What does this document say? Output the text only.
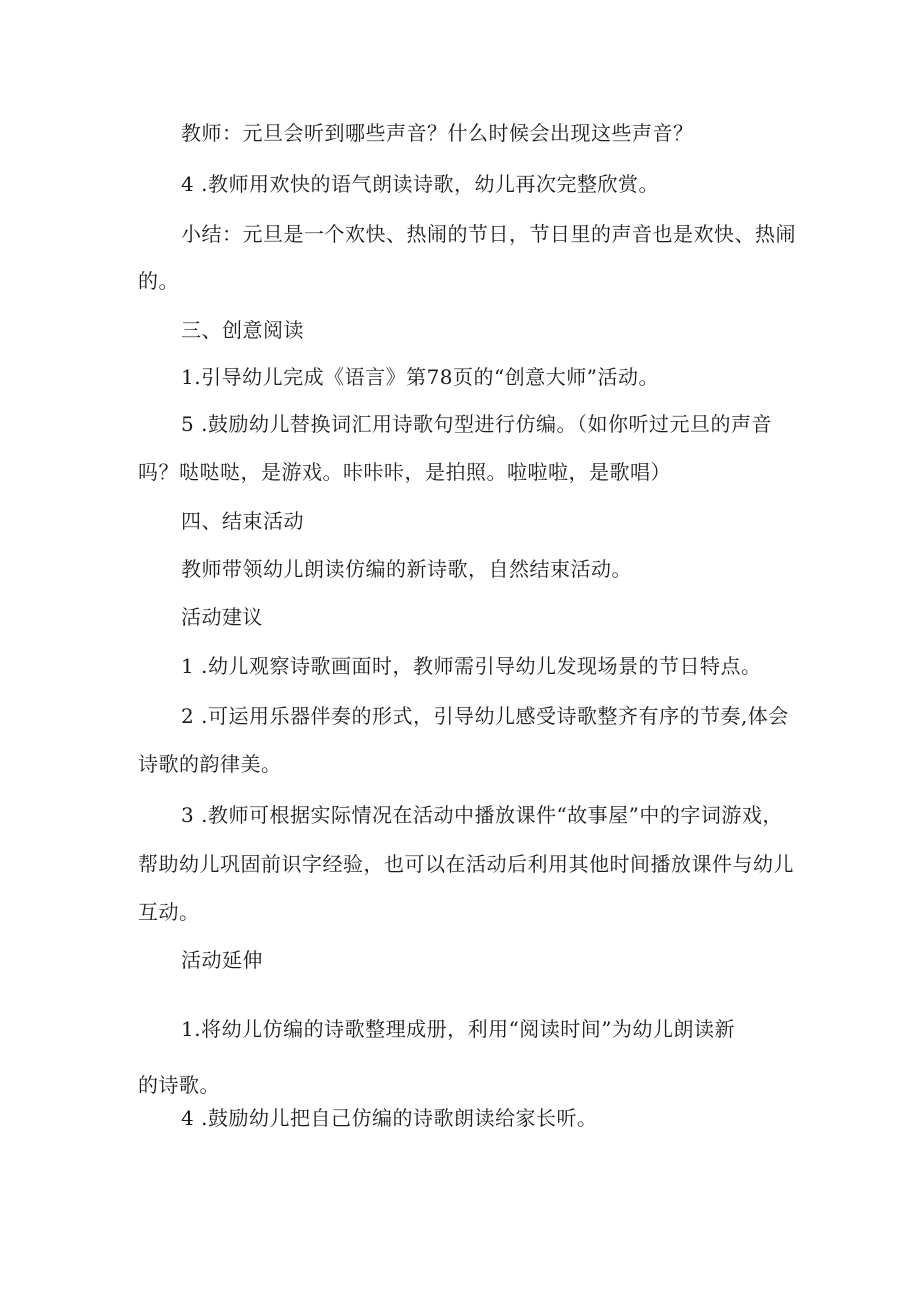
教师：元旦会听到哪些声音？什么时候会出现这些声音？
4 .教师用欢快的语气朗读诗歌，幼儿再次完整欣赏。
小结：元旦是一个欢快、热闹的节日，节日里的声音也是欢快、热闹
的。
三、创意阅读
1.引导幼儿完成《语言》第78页的“创意大师”活动。
5 .鼓励幼儿替换词汇用诗歌句型进行仿编。（如你听过元旦的声音
吗？哒哒哒，是游戏。咔咔咔，是拍照。啦啦啦，是歌唱）
四、结束活动
教师带领幼儿朗读仿编的新诗歌，自然结束活动。
活动建议
1 .幼儿观察诗歌画面时，教师需引导幼儿发现场景的节日特点。
2 .可运用乐器伴奏的形式，引导幼儿感受诗歌整齐有序的节奏,体会
诗歌的韵律美。
3 .教师可根据实际情况在活动中播放课件“故事屋”中的字词游戏，
帮助幼儿巩固前识字经验，也可以在活动后利用其他时间播放课件与幼儿
互动。
活动延伸
1.将幼儿仿编的诗歌整理成册，利用“阅读时间”为幼儿朗读新
的诗歌。
4 .鼓励幼儿把自己仿编的诗歌朗读给家长听。
